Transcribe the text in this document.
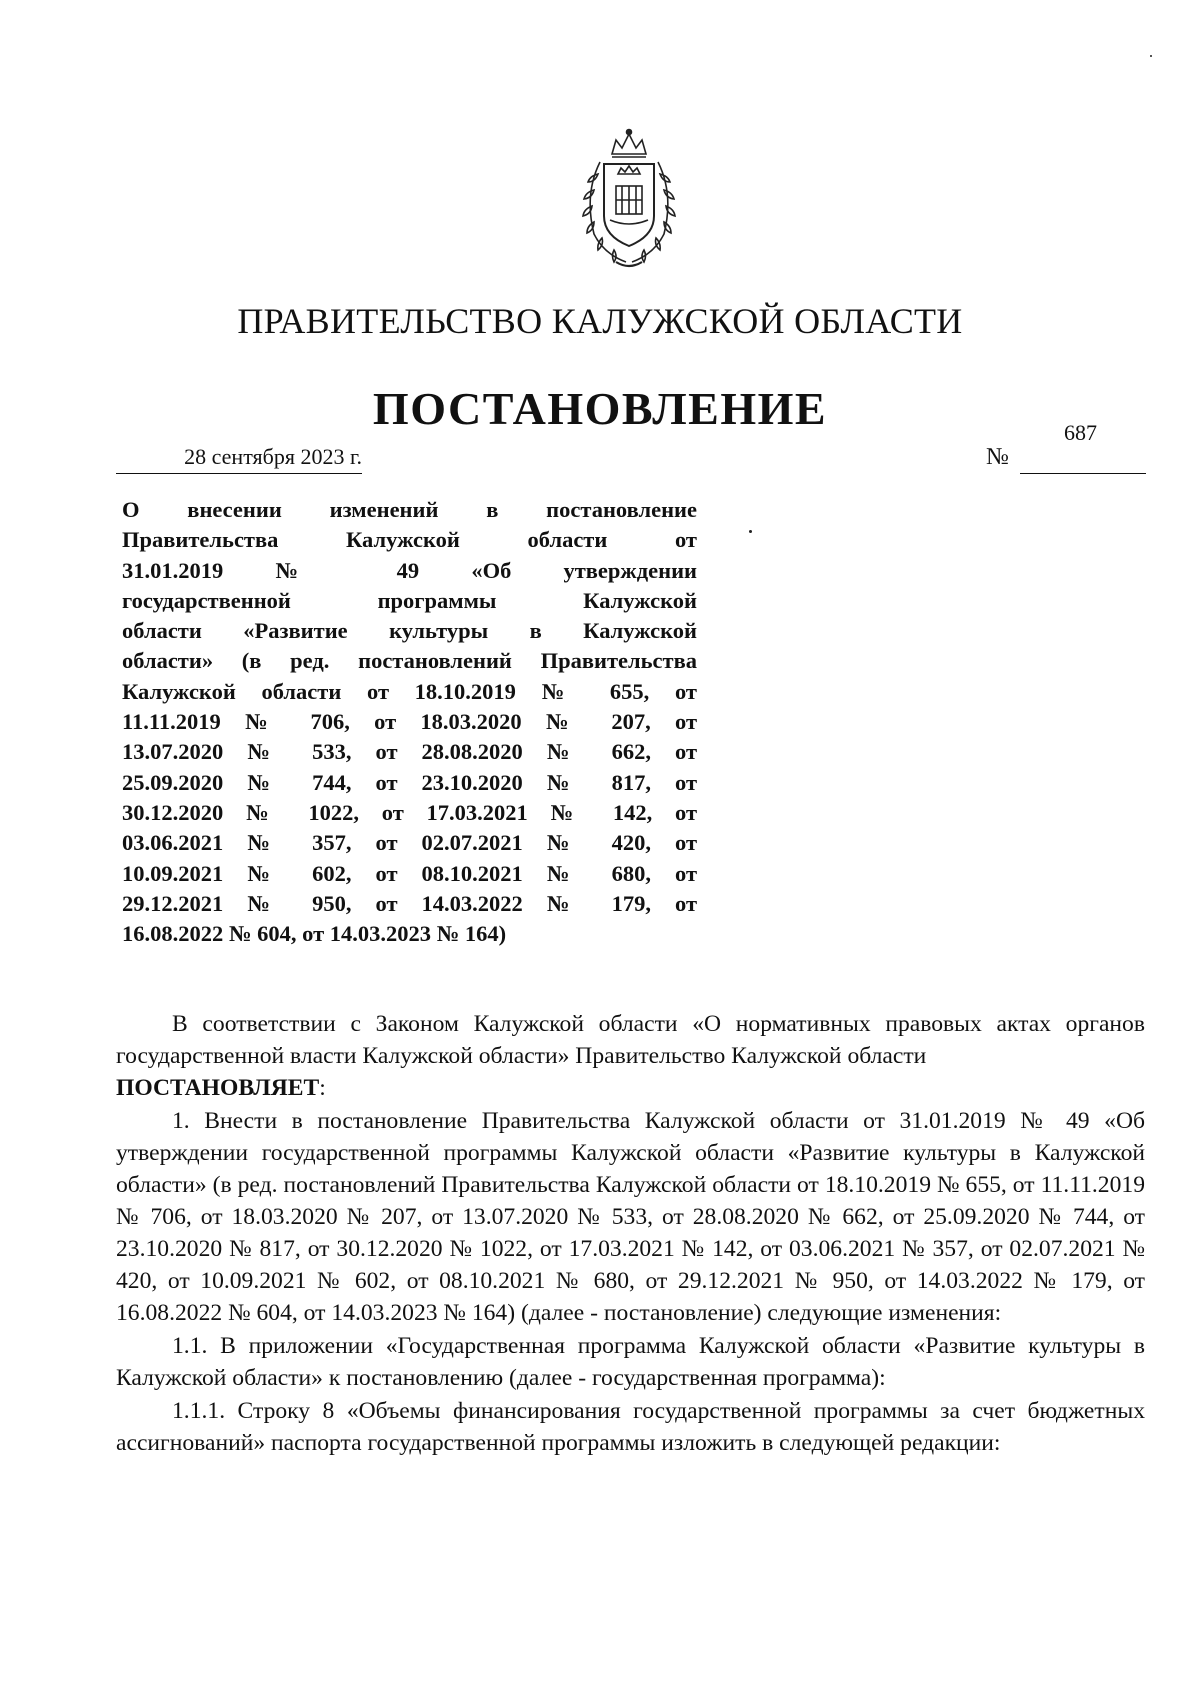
ПРАВИТЕЛЬСТВО КАЛУЖСКОЙ ОБЛАСТИ
ПОСТАНОВЛЕНИЕ
28 сентября 2023 г.	№
687
О внесении изменений в постановление
Правительства Калужской области от
31.01.2019 № 49 «Об утверждении
государственной программы Калужской
области «Развитие культуры в Калужской
области» (в ред. постановлений Правительства
Калужской области от 18.10.2019 № 655, от
11.11.2019 № 706, от 18.03.2020 № 207, от
13.07.2020 № 533, от 28.08.2020 № 662, от
25.09.2020 № 744, от 23.10.2020 № 817, от
30.12.2020 № 1022, от 17.03.2021 № 142, от
03.06.2021 № 357, от 02.07.2021 № 420, от
10.09.2021 № 602, от 08.10.2021 № 680, от
29.12.2021 № 950, от 14.03.2022 № 179, от
16.08.2022 № 604, от 14.03.2023 № 164)

В соответствии с Законом Калужской области «О нормативных правовых актах органов государственной власти Калужской области» Правительство Калужской области
ПОСТАНОВЛЯЕТ:

1. Внести в постановление Правительства Калужской области от 31.01.2019 № 49 «Об утверждении государственной программы Калужской области «Развитие культуры в Калужской области» (в ред. постановлений Правительства Калужской области от 18.10.2019 № 655, от 11.11.2019 № 706, от 18.03.2020 № 207, от 13.07.2020 № 533, от 28.08.2020 № 662, от 25.09.2020 № 744, от 23.10.2020 № 817, от 30.12.2020 № 1022, от 17.03.2021 № 142, от 03.06.2021 № 357, от 02.07.2021 № 420, от 10.09.2021 № 602, от 08.10.2021 № 680, от 29.12.2021 № 950, от 14.03.2022 № 179, от 16.08.2022 № 604, от 14.03.2023 № 164) (далее - постановление) следующие изменения:

1.1. В приложении «Государственная программа Калужской области «Развитие культуры в Калужской области» к постановлению (далее - государственная программа):

1.1.1. Строку 8 «Объемы финансирования государственной программы за счет бюджетных ассигнований» паспорта государственной программы изложить в следующей редакции:
